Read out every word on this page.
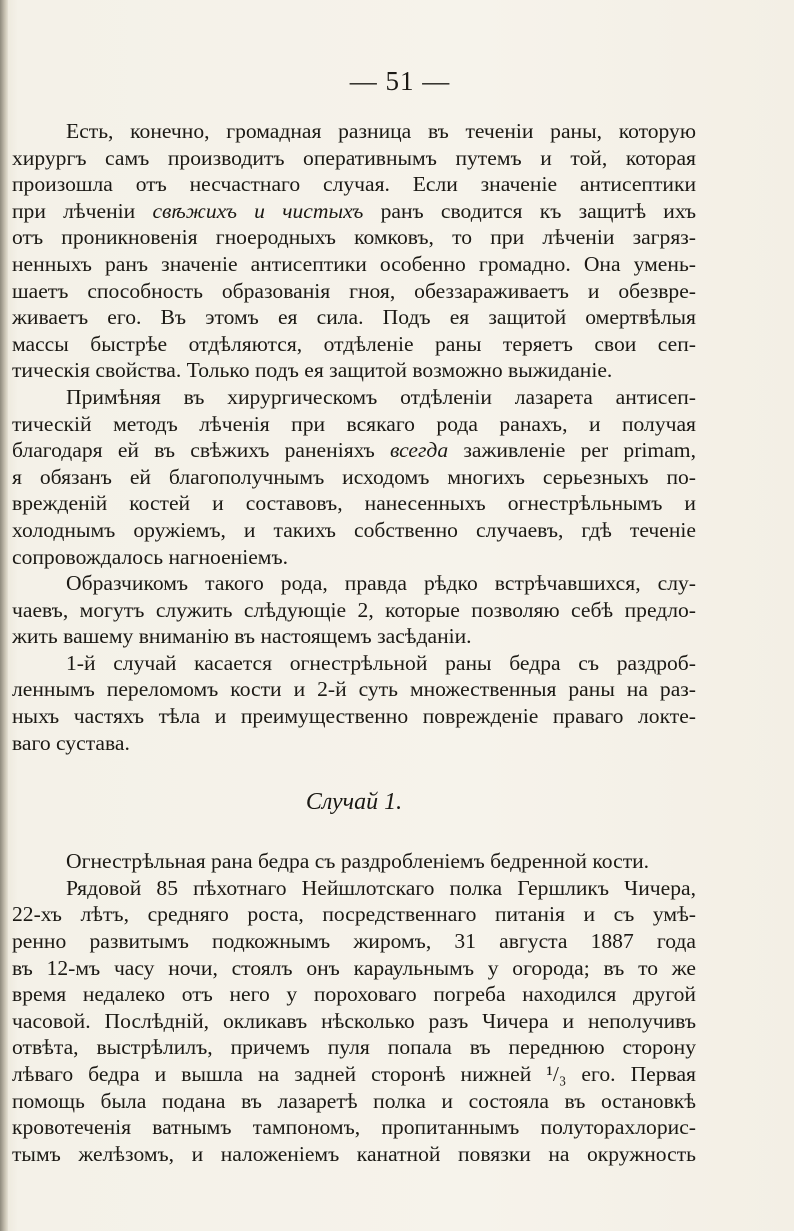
— 51 —
Есть, конечно, громадная разница въ теченіи раны, которую
хирургъ самъ производитъ оперативнымъ путемъ и той, которая
произошла отъ несчастнаго случая. Если значеніе антисептики
при лѣченіи свѣжихъ и чистыхъ ранъ сводится къ защитѣ ихъ
отъ проникновенія гноеродныхъ комковъ, то при лѣченіи загряз-
ненныхъ ранъ значеніе антисептики особенно громадно. Она умень-
шаетъ способность образованія гноя, обеззараживаетъ и обезвре-
живаетъ его. Въ этомъ ея сила. Подъ ея защитой омертвѣлыя
массы быстрѣе отдѣляются, отдѣленіе раны теряетъ свои сеп-
тическія свойства. Только подъ ея защитой возможно выжиданіе.
Примѣняя въ хирургическомъ отдѣленіи лазарета антисеп-
тическій методъ лѣченія при всякаго рода ранахъ, и получая
благодаря ей въ свѣжихъ раненіяхъ всегда заживленіе per primam,
я обязанъ ей благополучнымъ исходомъ многихъ серьезныхъ по-
врежденій костей и составовъ, нанесенныхъ огнестрѣльнымъ и
холоднымъ оружіемъ, и такихъ собственно случаевъ, гдѣ теченіе
сопровождалось нагноеніемъ.
Образчикомъ такого рода, правда рѣдко встрѣчавшихся, слу-
чаевъ, могутъ служить слѣдующіе 2, которые позволяю себѣ предло-
жить вашему вниманію въ настоящемъ засѣданіи.
1-й случай касается огнестрѣльной раны бедра съ раздроб-
леннымъ переломомъ кости и 2-й суть множественныя раны на раз-
ныхъ частяхъ тѣла и преимущественно поврежденіе праваго локте-
ваго сустава.
Случай 1.
Огнестрѣльная рана бедра съ раздробленіемъ бедренной кости.
Рядовой 85 пѣхотнаго Нейшлотскаго полка Гершликъ Чичера,
22-хъ лѣтъ, средняго роста, посредственнаго питанія и съ умѣ-
ренно развитымъ подкожнымъ жиромъ, 31 августа 1887 года
въ 12-мъ часу ночи, стоялъ онъ караульнымъ у огорода; въ то же
время недалеко отъ него у пороховаго погреба находился другой
часовой. Послѣдній, окликавъ нѣсколько разъ Чичера и неполучивъ
отвѣта, выстрѣлилъ, причемъ пуля попала въ переднюю сторону
лѣваго бедра и вышла на задней сторонѣ нижней ¹/₃ его. Первая
помощь была подана въ лазаретѣ полка и состояла въ остановкѣ
кровотеченія ватнымъ тампономъ, пропитаннымъ полуторахлорис-
тымъ желѣзомъ, и наложеніемъ канатной повязки на окружность
